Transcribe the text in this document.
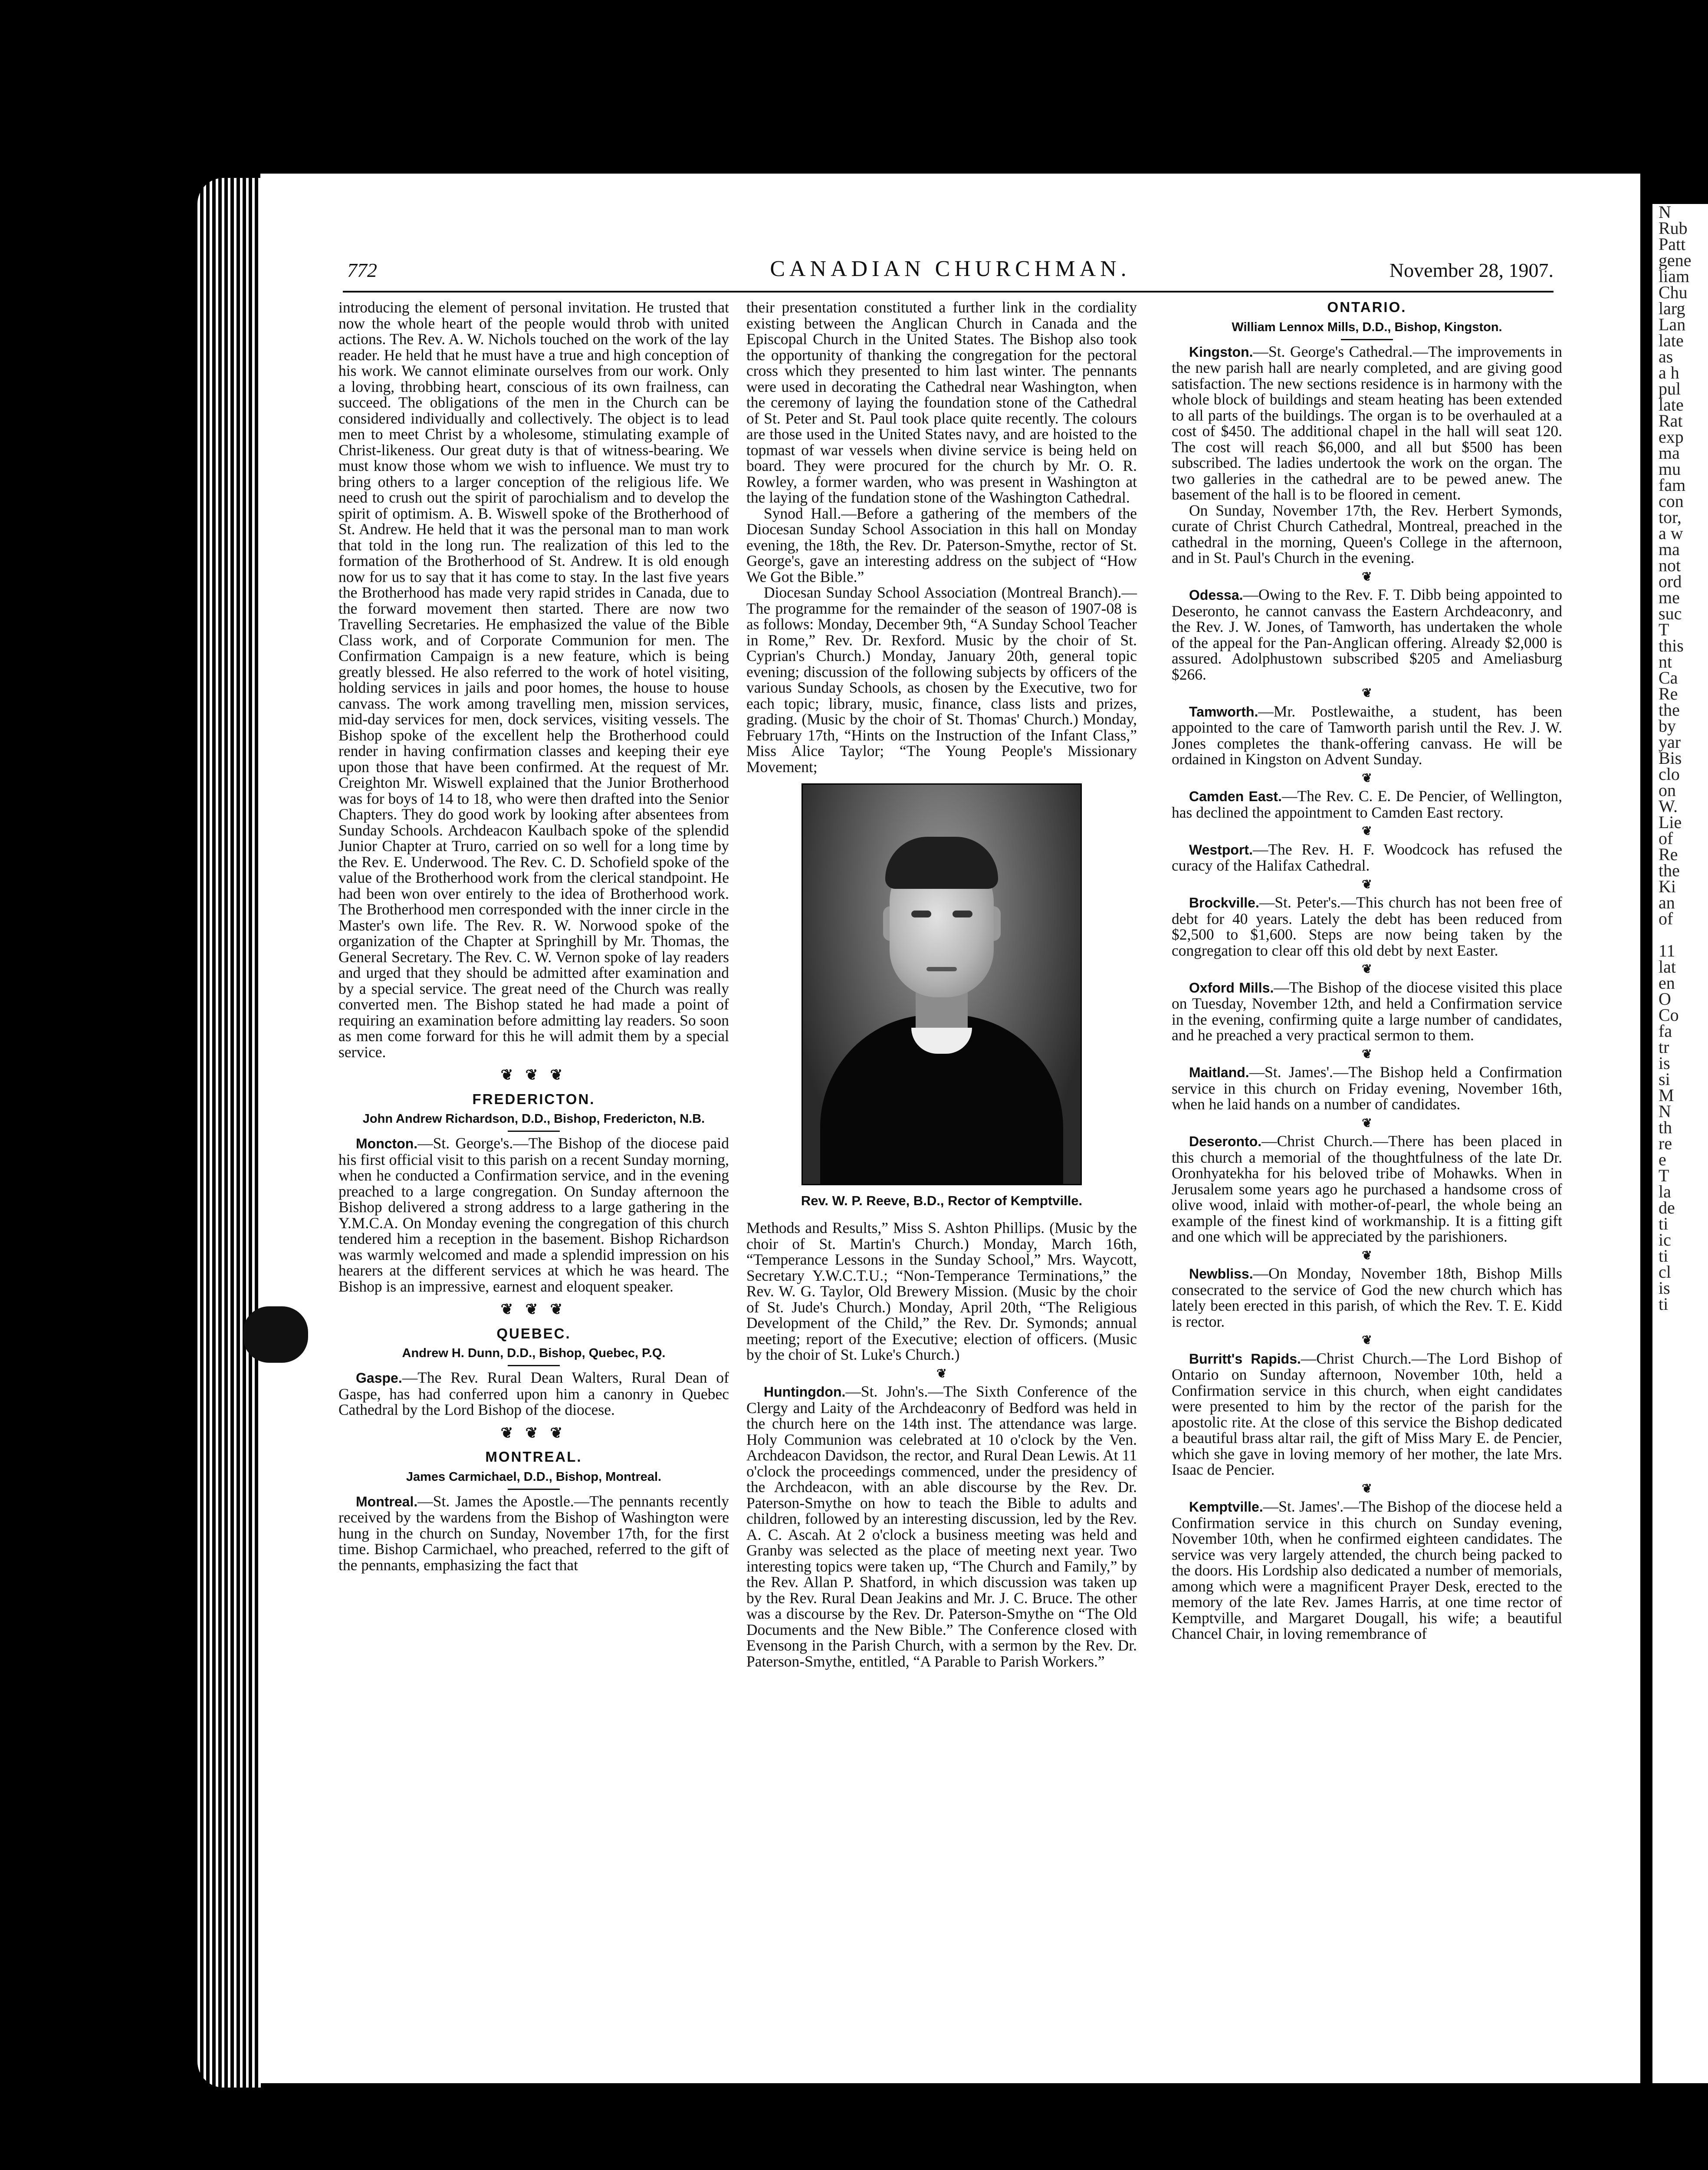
N
Rub
Patt
gene
liam
Chu
larg
Lan
late
as
a h
pul
late
Rat
exp
ma
mu
fam
con
tor,
a w
ma
not
ord
me
suc
T
this
nt
Ca
Re
the
by
yar
Bis
clo
on
W.
Lie
of
Re
the
Ki
an
of

11
lat
en
O
Co
fa
tr
is
si
M
N
th
re
e
T
la
de
ti
ic
ti
cl
is
ti
772	CANADIAN CHURCHMAN.	November 28, 1907.

introducing the element of personal invitation. He trusted that now the whole heart of the people would throb with united actions. The Rev. A. W. Nichols touched on the work of the lay reader. He held that he must have a true and high conception of his work. We cannot eliminate ourselves from our work. Only a loving, throbbing heart, conscious of its own frailness, can succeed. The obligations of the men in the Church can be considered individually and collectively. The object is to lead men to meet Christ by a wholesome, stimulating example of Christ-likeness. Our great duty is that of witness-bearing. We must know those whom we wish to influence. We must try to bring others to a larger conception of the religious life. We need to crush out the spirit of parochialism and to develop the spirit of optimism. A. B. Wiswell spoke of the Brotherhood of St. Andrew. He held that it was the personal man to man work that told in the long run. The realization of this led to the formation of the Brotherhood of St. Andrew. It is old enough now for us to say that it has come to stay. In the last five years the Brotherhood has made very rapid strides in Canada, due to the forward movement then started. There are now two Travelling Secretaries. He emphasized the value of the Bible Class work, and of Corporate Communion for men. The Confirmation Campaign is a new feature, which is being greatly blessed. He also referred to the work of hotel visiting, holding services in jails and poor homes, the house to house canvass. The work among travelling men, mission services, mid-day services for men, dock services, visiting vessels. The Bishop spoke of the excellent help the Brotherhood could render in having confirmation classes and keeping their eye upon those that have been confirmed. At the request of Mr. Creighton Mr. Wiswell explained that the Junior Brotherhood was for boys of 14 to 18, who were then drafted into the Senior Chapters. They do good work by looking after absentees from Sunday Schools. Archdeacon Kaulbach spoke of the splendid Junior Chapter at Truro, carried on so well for a long time by the Rev. E. Underwood. The Rev. C. D. Schofield spoke of the value of the Brotherhood work from the clerical standpoint. He had been won over entirely to the idea of Brotherhood work. The Brotherhood men corresponded with the inner circle in the Master's own life. The Rev. R. W. Norwood spoke of the organization of the Chapter at Springhill by Mr. Thomas, the General Secretary. The Rev. C. W. Vernon spoke of lay readers and urged that they should be admitted after examination and by a special service. The great need of the Church was really converted men. The Bishop stated he had made a point of requiring an examination before admitting lay readers. So soon as men come forward for this he will admit them by a special service.

❦ ❦ ❦
FREDERICTON.
John Andrew Richardson, D.D., Bishop, Fredericton, N.B.

Moncton.—St. George's.—The Bishop of the diocese paid his first official visit to this parish on a recent Sunday morning, when he conducted a Confirmation service, and in the evening preached to a large congregation. On Sunday afternoon the Bishop delivered a strong address to a large gathering in the Y.M.C.A. On Monday evening the congregation of this church tendered him a reception in the basement. Bishop Richardson was warmly welcomed and made a splendid impression on his hearers at the different services at which he was heard. The Bishop is an impressive, earnest and eloquent speaker.

❦ ❦ ❦
QUEBEC.
Andrew H. Dunn, D.D., Bishop, Quebec, P.Q.

Gaspe.—The Rev. Rural Dean Walters, Rural Dean of Gaspe, has had conferred upon him a canonry in Quebec Cathedral by the Lord Bishop of the diocese.

❦ ❦ ❦
MONTREAL.
James Carmichael, D.D., Bishop, Montreal.

Montreal.—St. James the Apostle.—The pennants recently received by the wardens from the Bishop of Washington were hung in the church on Sunday, November 17th, for the first time. Bishop Carmichael, who preached, referred to the gift of the pennants, emphasizing the fact that

their presentation constituted a further link in the cordiality existing between the Anglican Church in Canada and the Episcopal Church in the United States. The Bishop also took the opportunity of thanking the congregation for the pectoral cross which they presented to him last winter. The pennants were used in decorating the Cathedral near Washington, when the ceremony of laying the foundation stone of the Cathedral of St. Peter and St. Paul took place quite recently. The colours are those used in the United States navy, and are hoisted to the topmast of war vessels when divine service is being held on board. They were procured for the church by Mr. O. R. Rowley, a former warden, who was present in Washington at the laying of the fundation stone of the Washington Cathedral.

Synod Hall.—Before a gathering of the members of the Diocesan Sunday School Association in this hall on Monday evening, the 18th, the Rev. Dr. Paterson-Smythe, rector of St. George's, gave an interesting address on the subject of “How We Got the Bible.”

Diocesan Sunday School Association (Montreal Branch).—The programme for the remainder of the season of 1907-08 is as follows: Monday, December 9th, “A Sunday School Teacher in Rome,” Rev. Dr. Rexford. Music by the choir of St. Cyprian's Church.) Monday, January 20th, general topic evening; discussion of the following subjects by officers of the various Sunday Schools, as chosen by the Executive, two for each topic; library, music, finance, class lists and prizes, grading. (Music by the choir of St. Thomas' Church.) Monday, February 17th, “Hints on the Instruction of the Infant Class,” Miss Alice Taylor; “The Young People's Missionary Movement;

Rev. W. P. Reeve, B.D., Rector of Kemptville.

Methods and Results,” Miss S. Ashton Phillips. (Music by the choir of St. Martin's Church.) Monday, March 16th, “Temperance Lessons in the Sunday School,” Mrs. Waycott, Secretary Y.W.C.T.U.; “Non-Temperance Terminations,” the Rev. W. G. Taylor, Old Brewery Mission. (Music by the choir of St. Jude's Church.) Monday, April 20th, “The Religious Development of the Child,” the Rev. Dr. Symonds; annual meeting; report of the Executive; election of officers. (Music by the choir of St. Luke's Church.)

❦

Huntingdon.—St. John's.—The Sixth Conference of the Clergy and Laity of the Archdeaconry of Bedford was held in the church here on the 14th inst. The attendance was large. Holy Communion was celebrated at 10 o'clock by the Ven. Archdeacon Davidson, the rector, and Rural Dean Lewis. At 11 o'clock the proceedings commenced, under the presidency of the Archdeacon, with an able discourse by the Rev. Dr. Paterson-Smythe on how to teach the Bible to adults and children, followed by an interesting discussion, led by the Rev. A. C. Ascah. At 2 o'clock a business meeting was held and Granby was selected as the place of meeting next year. Two interesting topics were taken up, “The Church and Family,” by the Rev. Allan P. Shatford, in which discussion was taken up by the Rev. Rural Dean Jeakins and Mr. J. C. Bruce. The other was a discourse by the Rev. Dr. Paterson-Smythe on “The Old Documents and the New Bible.” The Conference closed with Evensong in the Parish Church, with a sermon by the Rev. Dr. Paterson-Smythe, entitled, “A Parable to Parish Workers.”

ONTARIO.
William Lennox Mills, D.D., Bishop, Kingston.

Kingston.—St. George's Cathedral.—The improvements in the new parish hall are nearly completed, and are giving good satisfaction. The new sections residence is in harmony with the whole block of buildings and steam heating has been extended to all parts of the buildings. The organ is to be overhauled at a cost of $450. The additional chapel in the hall will seat 120. The cost will reach $6,000, and all but $500 has been subscribed. The ladies undertook the work on the organ. The two galleries in the cathedral are to be pewed anew. The basement of the hall is to be floored in cement.

On Sunday, November 17th, the Rev. Herbert Symonds, curate of Christ Church Cathedral, Montreal, preached in the cathedral in the morning, Queen's College in the afternoon, and in St. Paul's Church in the evening.

❦

Odessa.—Owing to the Rev. F. T. Dibb being appointed to Deseronto, he cannot canvass the Eastern Archdeaconry, and the Rev. J. W. Jones, of Tamworth, has undertaken the whole of the appeal for the Pan-Anglican offering. Already $2,000 is assured. Adolphustown subscribed $205 and Ameliasburg $266.

❦

Tamworth.—Mr. Postlewaithe, a student, has been appointed to the care of Tamworth parish until the Rev. J. W. Jones completes the thank-offering canvass. He will be ordained in Kingston on Advent Sunday.

❦

Camden East.—The Rev. C. E. De Pencier, of Wellington, has declined the appointment to Camden East rectory.

❦

Westport.—The Rev. H. F. Woodcock has refused the curacy of the Halifax Cathedral.

❦

Brockville.—St. Peter's.—This church has not been free of debt for 40 years. Lately the debt has been reduced from $2,500 to $1,600. Steps are now being taken by the congregation to clear off this old debt by next Easter.

❦

Oxford Mills.—The Bishop of the diocese visited this place on Tuesday, November 12th, and held a Confirmation service in the evening, confirming quite a large number of candidates, and he preached a very practical sermon to them.

❦

Maitland.—St. James'.—The Bishop held a Confirmation service in this church on Friday evening, November 16th, when he laid hands on a number of candidates.

❦

Deseronto.—Christ Church.—There has been placed in this church a memorial of the thoughtfulness of the late Dr. Oronhyatekha for his beloved tribe of Mohawks. When in Jerusalem some years ago he purchased a handsome cross of olive wood, inlaid with mother-of-pearl, the whole being an example of the finest kind of workmanship. It is a fitting gift and one which will be appreciated by the parishioners.

❦

Newbliss.—On Monday, November 18th, Bishop Mills consecrated to the service of God the new church which has lately been erected in this parish, of which the Rev. T. E. Kidd is rector.

❦

Burritt's Rapids.—Christ Church.—The Lord Bishop of Ontario on Sunday afternoon, November 10th, held a Confirmation service in this church, when eight candidates were presented to him by the rector of the parish for the apostolic rite. At the close of this service the Bishop dedicated a beautiful brass altar rail, the gift of Miss Mary E. de Pencier, which she gave in loving memory of her mother, the late Mrs. Isaac de Pencier.

❦

Kemptville.—St. James'.—The Bishop of the diocese held a Confirmation service in this church on Sunday evening, November 10th, when he confirmed eighteen candidates. The service was very largely attended, the church being packed to the doors. His Lordship also dedicated a number of memorials, among which were a magnificent Prayer Desk, erected to the memory of the late Rev. James Harris, at one time rector of Kemptville, and Margaret Dougall, his wife; a beautiful Chancel Chair, in loving remembrance of
